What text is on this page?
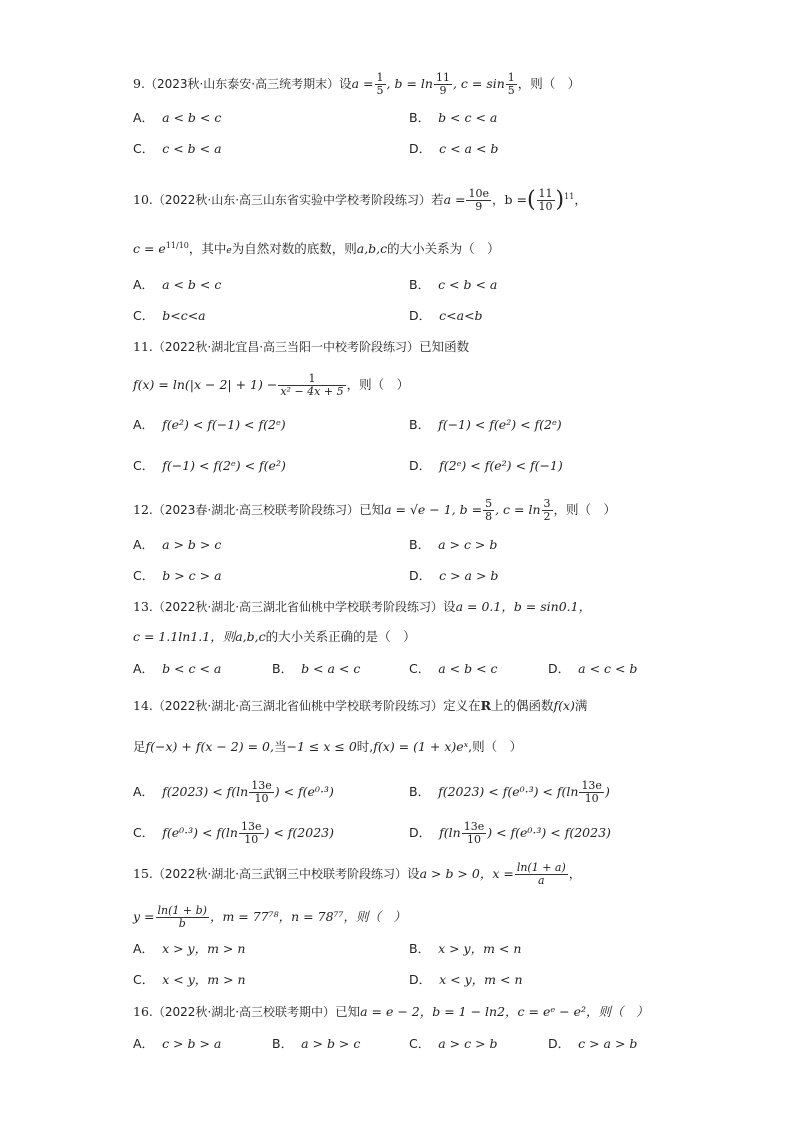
9.（2023秋·山东泰安·高三统考期末）设$a = \frac{1}{5}$ , $b = \ln \frac{11}{9}$ , $c = \sin \frac{1}{5}$ ，则（　）
A． a < b < c	B． b < c < a
C． c < b < a	D． c < a < b
10.（2022秋·山东·高三山东省实验中学校考阶段练习）若$a = \frac{10e}{9}$ ，b =( $\frac{11}{10} )^{11}$，
$c = e^{11/10}$，其中e为自然对数的底数，则a,b,c的大小关系为（　）
A． a < b < c	B． c < b < a
C． b<c<a	D． c<a<b
11.（2022秋·湖北宜昌·高三当阳一中校考阶段练习）已知函数
$f(x) = \ln(|x - 2| + 1) - \frac{1}{\text{x² − 4x + 5}}$ ，则（　）
A． f(e²) < f(−1) < f(2ᵉ)	B． f(−1) < f(e²) < f(2ᵉ)
C． f(−1) < f(2ᵉ) < f(e²)	D． f(2ᵉ) < f(e²) < f(−1)
12.（2023春·湖北·高三校联考阶段练习）已知a = √e − 1, $b = \frac{5}{8}$ , $c = \ln \frac{3}{2}$ ，则（　）
A． a > b > c	B． a > c > b
C． b > c > a	D． c > a > b
13.（2022秋·湖北·高三湖北省仙桃中学校联考阶段练习）设a = 0.1，b = sin0.1，
c = 1.1ln1.1，则a,b,c的大小关系正确的是（　）
A． b < c < a	B． b < a < c	C． a < b < c	D． a < c < b
14.（2022秋·湖北·高三湖北省仙桃中学校联考阶段练习）定义在R上的偶函数f(x)满
足f(−x) + f(x − 2) = 0,当−1 ≤ x ≤ 0时,f(x) = (1 + x)eˣ,则（　）
A． $f(2023) < f(\ln \frac{13e}{10}$ ) < f(e⁰·³)	B． $f(2023) < f(e^0\cdot^3) < f(\ln \frac{13e}{10}$ )
C． $f(e^0\cdot^3) < f(\ln \frac{13e}{10}$ ) < f(2023)	D． $f(\ln \frac{13e}{10}$ ) < f(e⁰·³) < f(2023)
15.（2022秋·湖北·高三武钢三中校联考阶段练习）设a > b > 0，$x = \frac{\ln(1 + a)}{a}$ ，
$y = \frac{\ln(1 + b)}{b}$ ，m = 77⁷⁸，n = 78⁷⁷，则（　）
A． x > y，m > n	B． x > y，m < n
C． x < y，m > n	D． x < y，m < n
16.（2022秋·湖北·高三校联考期中）已知a = e − 2，b = 1 − ln2，c = eᵉ − e²，则（　）
A． c > b > a	B． a > b > c	C． a > c > b	D． c > a > b
